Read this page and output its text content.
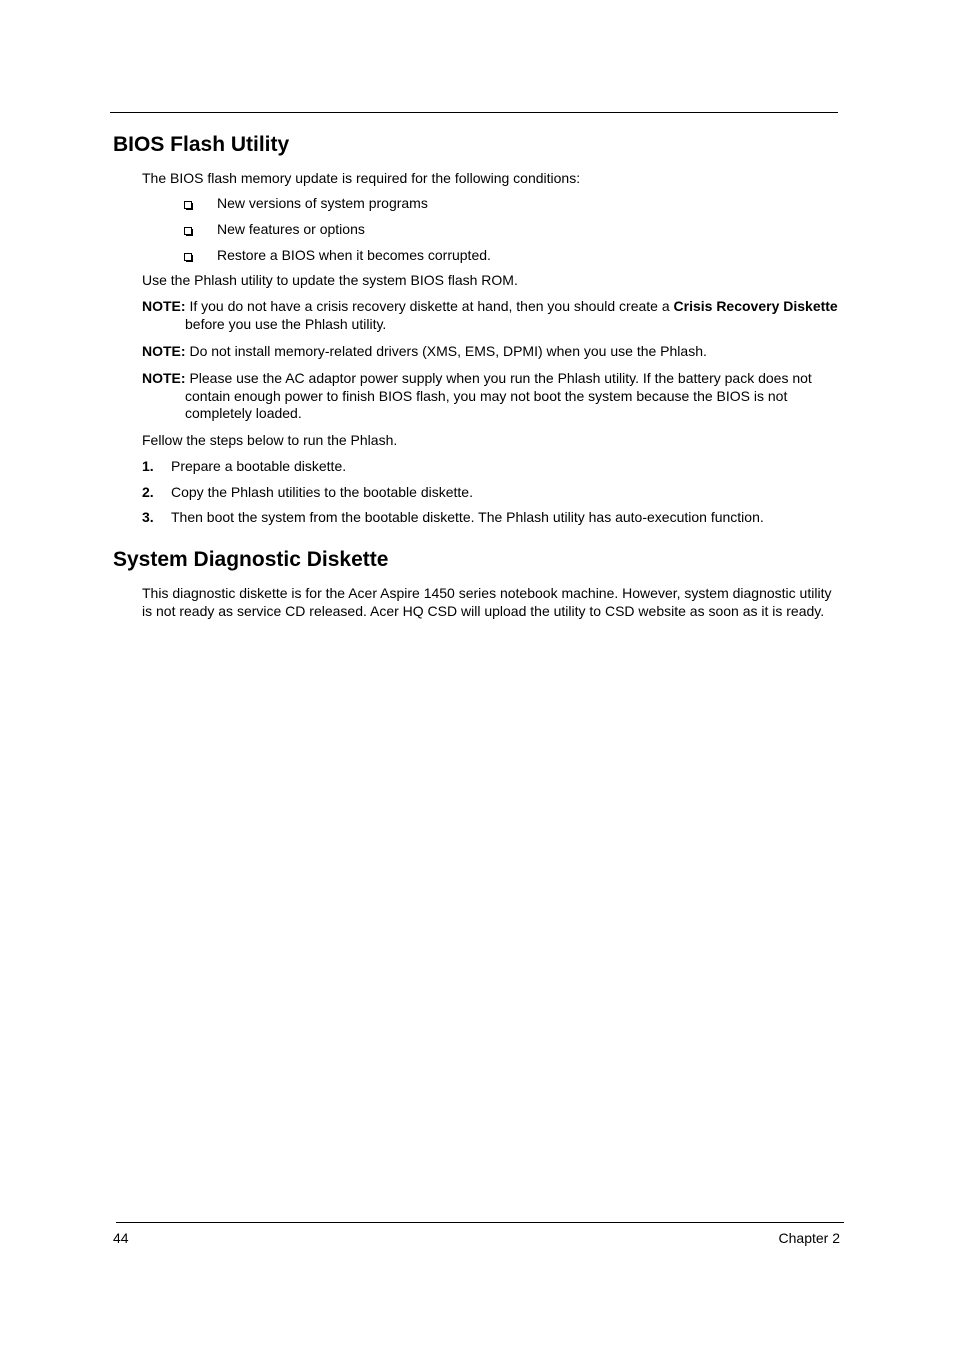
BIOS Flash Utility

The BIOS flash memory update is required for the following conditions:

New versions of system programs
New features or options
Restore a BIOS when it becomes corrupted.

Use the Phlash utility to update the system BIOS flash ROM.

NOTE: If you do not have a crisis recovery diskette at hand, then you should create a Crisis Recovery Diskette before you use the Phlash utility.
NOTE: Do not install memory-related drivers (XMS, EMS, DPMI) when you use the Phlash.
NOTE: Please use the AC adaptor power supply when you run the Phlash utility. If the battery pack does not contain enough power to finish BIOS flash, you may not boot the system because the BIOS is not completely loaded.

Fellow the steps below to run the Phlash.

1. Prepare a bootable diskette.
2. Copy the Phlash utilities to the bootable diskette.
3. Then boot the system from the bootable diskette. The Phlash utility has auto-execution function.
System Diagnostic Diskette

This diagnostic diskette is for the Acer Aspire 1450 series notebook machine. However, system diagnostic utility is not ready as service CD released. Acer HQ CSD will upload the utility to CSD website as soon as it is ready.

44	Chapter 2
